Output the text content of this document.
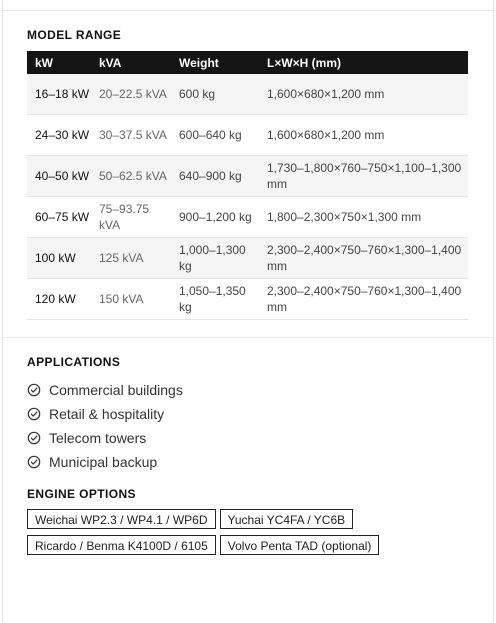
MODEL RANGE
kW	kVA	Weight	L×W×H (mm)
16–18 kW	20–22.5 kVA	600 kg	1,600×680×1,200 mm
24–30 kW	30–37.5 kVA	600–640 kg	1,600×680×1,200 mm
40–50 kW	50–62.5 kVA	640–900 kg	1,730–1,800×760–750×1,100–1,300 mm
60–75 kW	75–93.75 kVA	900–1,200 kg	1,800–2,300×750×1,300 mm
100 kW	125 kVA	1,000–1,300 kg	2,300–2,400×750–760×1,300–1,400 mm
120 kW	150 kVA	1,050–1,350 kg	2,300–2,400×750–760×1,300–1,400 mm
APPLICATIONS
Commercial buildings
Retail & hospitality
Telecom towers
Municipal backup
ENGINE OPTIONS
Weichai WP2.3 / WP4.1 / WP6D	Yuchai YC4FA / YC6B
Ricardo / Benma K4100D / 6105	Volvo Penta TAD (optional)
